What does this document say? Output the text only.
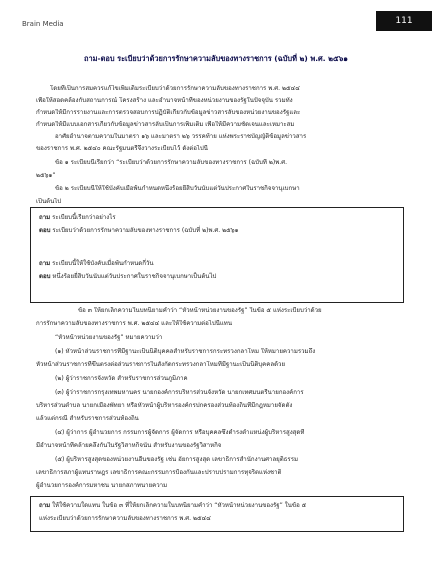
Brain Media	111
ถาม-ตอบ ระเบียบว่าด้วยการรักษาความลับของทางราชการ (ฉบับที่ ๒) พ.ศ. ๒๕๖๑
โดยที่เป็นการสมควรแก้ไขเพิ่มเติมระเบียบว่าด้วยการรักษาความลับของทางราชการ พ.ศ. ๒๕๔๔
เพื่อให้สอดคล้องกับสถานการณ์ โครงสร้าง และอำนาจหน้าที่ของหน่วยงานของรัฐในปัจจุบัน รวมทั้ง
กำหนดให้มีการรายงานและการตรวจสอบการปฏิบัติเกี่ยวกับข้อมูลข่าวสารลับของหน่วยงานของรัฐและ
กำหนดให้มีแบบเอกสารเกี่ยวกับข้อมูลข่าวสารลับเป็นการเพิ่มเติม เพื่อให้มีความชัดเจนและเหมาะสม
อาศัยอำนาจตามความในมาตรา ๑๖ และมาตรา ๒๖ วรรคท้าย แห่งพระราชบัญญัติข้อมูลข่าวสาร
ของราชการ พ.ศ. ๒๕๔๐ คณะรัฐมนตรีจึงวางระเบียบไว้ ดังต่อไปนี้
ข้อ ๑ ระเบียบนี้เรียกว่า “ระเบียบว่าด้วยการรักษาความลับของทางราชการ (ฉบับที่ ๒)พ.ศ.
๒๕๖๑”
ข้อ ๒ ระเบียบนี้ให้ใช้บังคับเมื่อพ้นกำหนดหนึ่งร้อยยี่สิบวันนับแต่วันประกาศในราชกิจจานุเบกษา
เป็นต้นไป
ถาม ระเบียบนี้เรียกว่าอย่างไร
ตอบ ระเบียบว่าด้วยการรักษาความลับของทางราชการ (ฉบับที่ ๒)พ.ศ. ๒๕๖๑
ถาม ระเบียบนี้ให้ใช้บังคับเมื่อพ้นกำหนดกี่วัน
ตอบ หนึ่งร้อยยี่สิบวันนับแต่วันประกาศในราชกิจจานุเบกษาเป็นต้นไป
ข้อ ๓ ให้ยกเลิกความในบทนิยามคำว่า “หัวหน้าหน่วยงานของรัฐ” ในข้อ ๕ แห่งระเบียบว่าด้วย
การรักษาความลับของทางราชการ พ.ศ. ๒๕๔๔ และให้ใช้ความต่อไปนี้แทน
“หัวหน้าหน่วยงานของรัฐ” หมายความว่า
(๑) หัวหน้าส่วนราชการที่มีฐานะเป็นนิติบุคคลสำหรับราชการกระทรวงกลาโหม ให้หมายความรวมถึง
หัวหน้าส่วนราชการที่ขึ้นตรงต่อส่วนราชการในสังกัดกระทรวงกลาโหมที่มีฐานะเป็นนิติบุคคลด้วย
(๒) ผู้ว่าราชการจังหวัด สำหรับราชการส่วนภูมิภาค
(๓) ผู้ว่าราชการกรุงเทพมหานคร นายกองค์การบริหารส่วนจังหวัด นายกเทศมนตรีนายกองค์การ
บริหารส่วนตำบล นายกเมืองพัทยา หรือหัวหน้าผู้บริหารองค์กรปกครองส่วนท้องถิ่นที่มีกฎหมายจัดตั้ง
แล้วแต่กรณี สำหรับราชการส่วนท้องถิ่น
(๔) ผู้ว่าการ ผู้อำนวยการ กรรมการผู้จัดการ ผู้จัดการ หรือบุคคลซึ่งดำรงตำแหน่งผู้บริหารสูงสุดที่
มีอำนาจหน้าที่คล้ายคลึงกันในรัฐวิสาหกิจนั้น สำหรับงานของรัฐวิสาหกิจ
(๕) ผู้บริหารสูงสุดของหน่วยงานอื่นของรัฐ เช่น อัยการสูงสุด เลขาธิการสำนักงานศาลยุติธรรม
เลขาธิการสภาผู้แทนราษฎร เลขาธิการคณะกรรมการป้องกันและปราบปรามการทุจริตแห่งชาติ
ผู้อำนวยการองค์การมหาชน นายกสภาทนายความ
ถาม ให้ใช้ความใดแทน ในข้อ ๓ ที่ให้ยกเลิกความในบทนิยามคำว่า “หัวหน้าหน่วยงานของรัฐ” ในข้อ ๕
แห่งระเบียบว่าด้วยการรักษาความลับของทางราชการ พ.ศ. ๒๕๔๔
